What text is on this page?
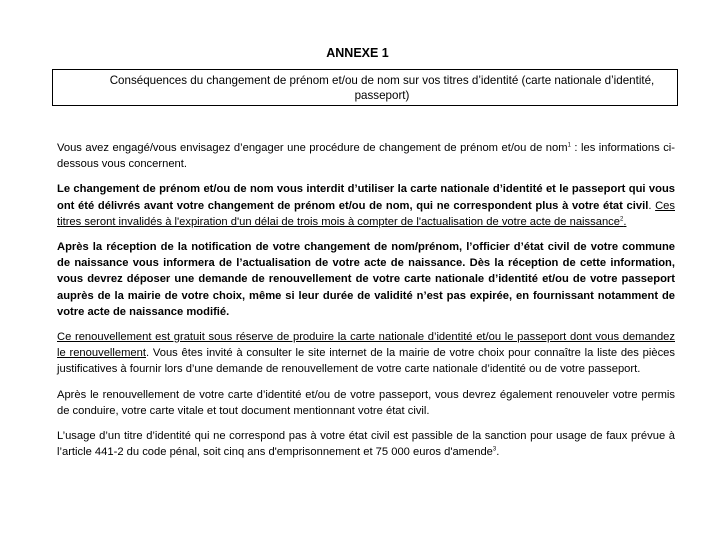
ANNEXE 1
Conséquences du changement de prénom et/ou de nom sur vos titres d’identité (carte nationale d’identité, passeport)

Vous avez engagé/vous envisagez d’engager une procédure de changement de prénom et/ou de nom$^1$ : les informations ci-dessous vous concernent.

Le changement de prénom et/ou de nom vous interdit d’utiliser la carte nationale d’identité et le passeport qui vous ont été délivrés avant votre changement de prénom et/ou de nom, qui ne correspondent plus à votre état civil. Ces titres seront invalidés à l'expiration d'un délai de trois mois à compter de l'actualisation de votre acte de naissance$^2$.

Après la réception de la notification de votre changement de nom/prénom, l’officier d’état civil de votre commune de naissance vous informera de l’actualisation de votre acte de naissance. Dès la réception de cette information, vous devrez déposer une demande de renouvellement de votre carte nationale d’identité et/ou de votre passeport auprès de la mairie de votre choix, même si leur durée de validité n’est pas expirée, en fournissant notamment de votre acte de naissance modifié.

Ce renouvellement est gratuit sous réserve de produire la carte nationale d’identité et/ou le passeport dont vous demandez le renouvellement. Vous êtes invité à consulter le site internet de la mairie de votre choix pour connaître la liste des pièces justificatives à fournir lors d’une demande de renouvellement de votre carte nationale d’identité ou de votre passeport.

Après le renouvellement de votre carte d’identité et/ou de votre passeport, vous devrez également renouveler votre permis de conduire, votre carte vitale et tout document mentionnant votre état civil.

L’usage d’un titre d’identité qui ne correspond pas à votre état civil est passible de la sanction pour usage de faux prévue à l’article 441-2 du code pénal, soit cinq ans d'emprisonnement et 75 000 euros d'amende$^3$.
